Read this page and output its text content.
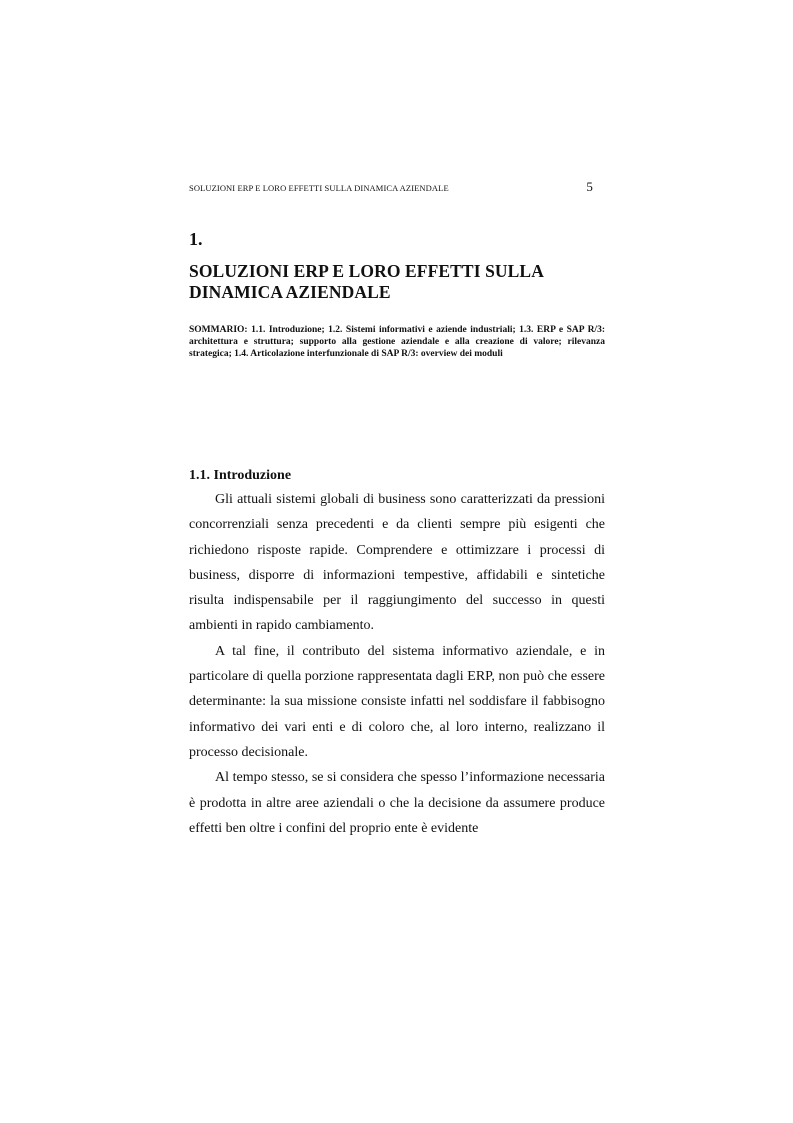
SOLUZIONI ERP E LORO EFFETTI SULLA DINAMICA AZIENDALE	5
1.
SOLUZIONI ERP E LORO EFFETTI SULLA DINAMICA AZIENDALE
SOMMARIO: 1.1. Introduzione; 1.2. Sistemi informativi e aziende industriali; 1.3. ERP e SAP R/3: architettura e struttura; supporto alla gestione aziendale e alla creazione di valore; rilevanza strategica; 1.4. Articolazione interfunzionale di SAP R/3: overview dei moduli
1.1. Introduzione

Gli attuali sistemi globali di business sono caratterizzati da pressioni concorrenziali senza precedenti e da clienti sempre più esigenti che richiedono risposte rapide. Comprendere e ottimizzare i processi di business, disporre di informazioni tempestive, affidabili e sintetiche risulta indispensabile per il raggiungimento del successo in questi ambienti in rapido cambiamento.

A tal fine, il contributo del sistema informativo aziendale, e in particolare di quella porzione rappresentata dagli ERP, non può che essere determinante: la sua missione consiste infatti nel soddisfare il fabbisogno informativo dei vari enti e di coloro che, al loro interno, realizzano il processo decisionale.

Al tempo stesso, se si considera che spesso l’informazione necessaria è prodotta in altre aree aziendali o che la decisione da assumere produce effetti ben oltre i confini del proprio ente è evidente
